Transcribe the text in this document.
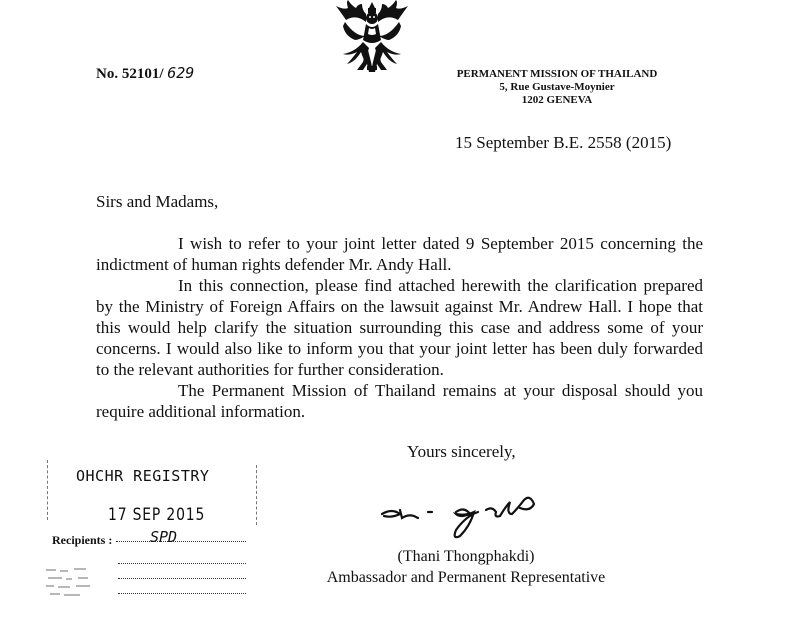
No. 52101/ 629	PERMANENT MISSION OF THAILAND
5, Rue Gustave-Moynier
1202 GENEVA
15 September B.E. 2558 (2015)
Sirs and Madams,

I wish to refer to your joint letter dated 9 September 2015 concerning the indictment of human rights defender Mr. Andy Hall.

In this connection, please find attached herewith the clarification prepared by the Ministry of Foreign Affairs on the lawsuit against Mr. Andrew Hall. I hope that this would help clarify the situation surrounding this case and address some of your concerns. I would also like to inform you that your joint letter has been duly forwarded to the relevant authorities for further consideration.

The Permanent Mission of Thailand remains at your disposal should you require additional information.

Yours sincerely,
(Thani Thongphakdi)
Ambassador and Permanent Representative
OHCHR REGISTRY
17 SEP 2015
Recipients :	SPD
